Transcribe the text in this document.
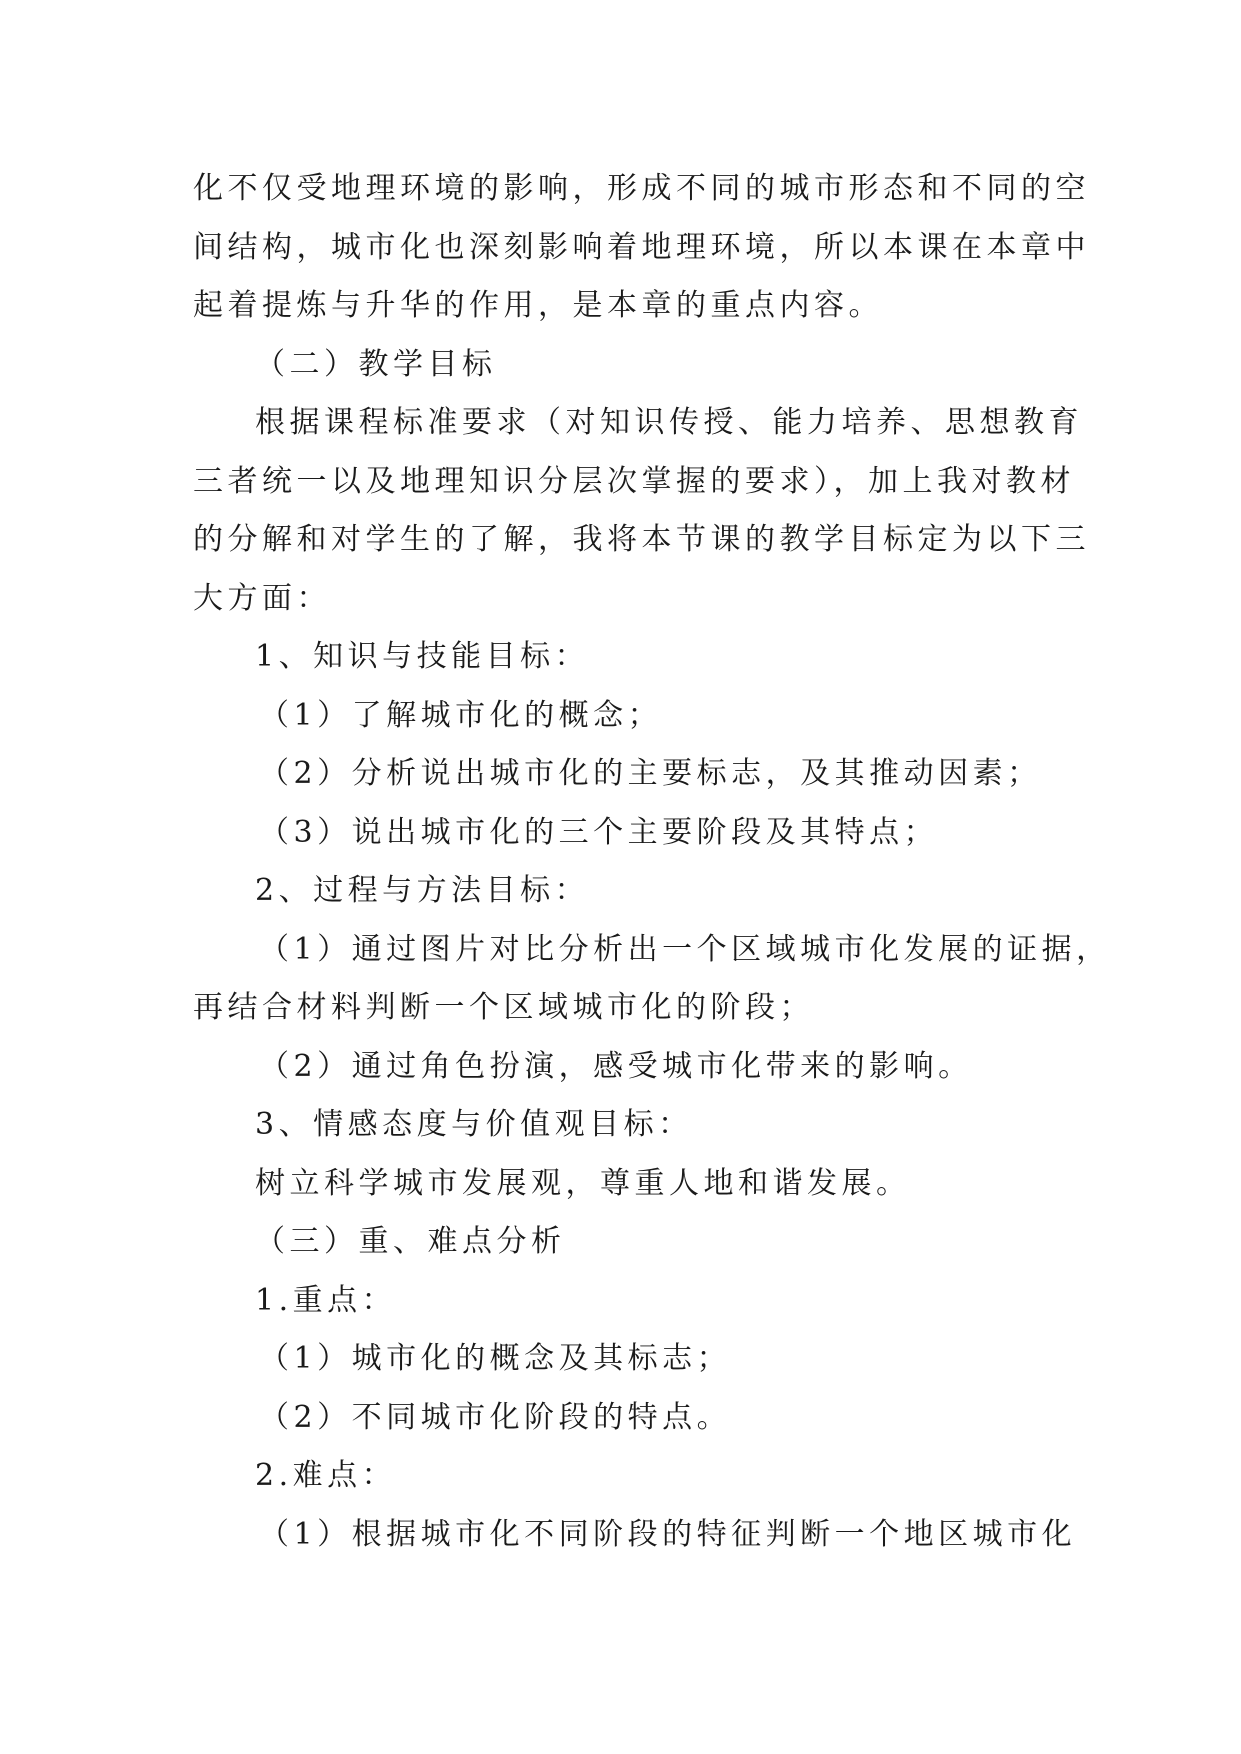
化不仅受地理环境的影响，形成不同的城市形态和不同的空
间结构，城市化也深刻影响着地理环境，所以本课在本章中
起着提炼与升华的作用，是本章的重点内容。
（二）教学目标
根据课程标准要求（对知识传授、能力培养、思想教育
三者统一以及地理知识分层次掌握的要求），加上我对教材
的分解和对学生的了解，我将本节课的教学目标定为以下三
大方面：
1、知识与技能目标：
（1）了解城市化的概念；
（2）分析说出城市化的主要标志，及其推动因素；
（3）说出城市化的三个主要阶段及其特点；
2、过程与方法目标：
（1）通过图片对比分析出一个区域城市化发展的证据，
再结合材料判断一个区域城市化的阶段；
（2）通过角色扮演，感受城市化带来的影响。
3、情感态度与价值观目标：
树立科学城市发展观，尊重人地和谐发展。
（三）重、难点分析
1.重点：
（1）城市化的概念及其标志；
（2）不同城市化阶段的特点。
2.难点：
（1）根据城市化不同阶段的特征判断一个地区城市化
